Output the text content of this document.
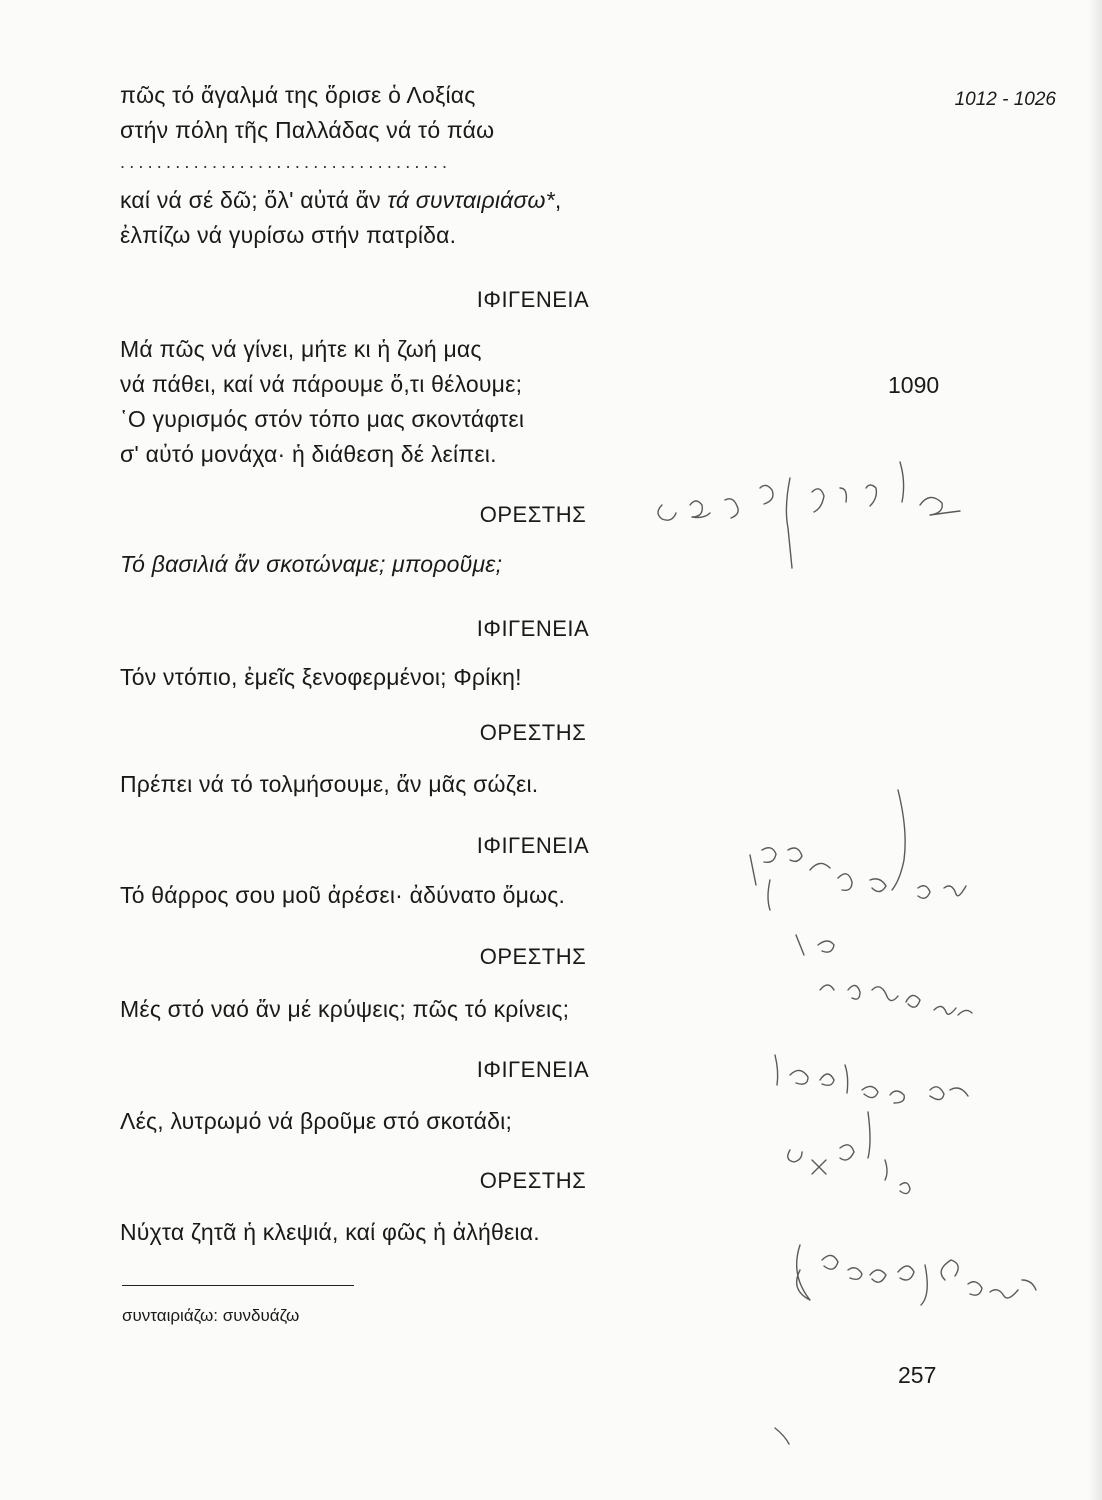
1012 - 1026
πῶς τό ἄγαλμά της ὅρισε ὁ Λοξίας
στήν πόλη τῆς Παλλάδας νά τό πάω
....................................
καί νά σέ δῶ; ὅλ' αὐτά ἄν τά συνταιριάσω*,
ἐλπίζω νά γυρίσω στήν πατρίδα.
ΙΦΙΓΕΝΕΙΑ
Μά πῶς νά γίνει, μήτε κι ἡ ζωή μας
νά πάθει, καί νά πάρουμε ὅ,τι θέλουμε;
῾Ο γυρισμός στόν τόπο μας σκοντάφτει
σ' αὐτό μονάχα· ἡ διάθεση δέ λείπει.
1090
ΟΡΕΣΤΗΣ
Τό βασιλιά ἄν σκοτώναμε; μποροῦμε;
ΙΦΙΓΕΝΕΙΑ
Τόν ντόπιο, ἐμεῖς ξενοφερμένοι; Φρίκη!
ΟΡΕΣΤΗΣ
Πρέπει νά τό τολμήσουμε, ἄν μᾶς σώζει.
ΙΦΙΓΕΝΕΙΑ
Τό θάρρος σου μοῦ ἀρέσει· ἀδύνατο ὅμως.
ΟΡΕΣΤΗΣ
Μές στό ναό ἄν μέ κρύψεις; πῶς τό κρίνεις;
ΙΦΙΓΕΝΕΙΑ
Λές, λυτρωμό νά βροῦμε στό σκοτάδι;
ΟΡΕΣΤΗΣ
Νύχτα ζητᾶ ἡ κλεψιά, καί φῶς ἡ ἀλήθεια.
συνταιριάζω: συνδυάζω
257
